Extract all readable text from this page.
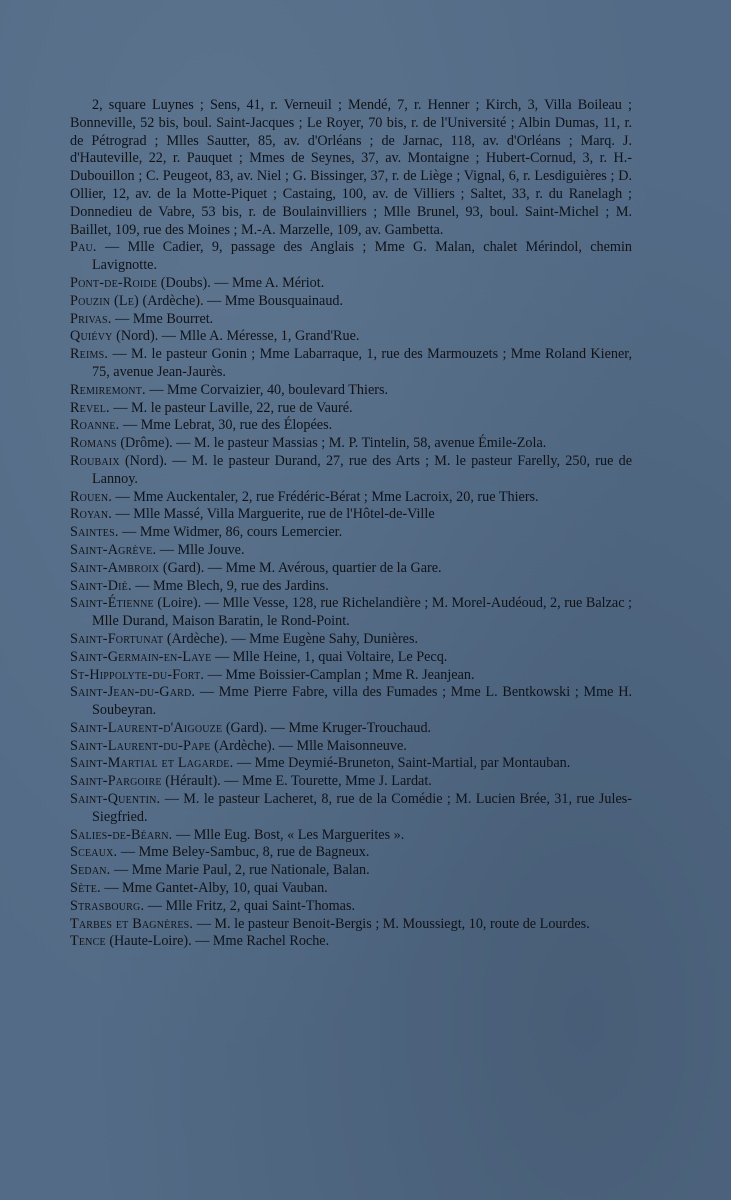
2, square Luynes ; Sens, 41, r. Verneuil ; Mendé, 7, r. Henner ; Kirch, 3, Villa Boileau ; Bonneville, 52 bis, boul. Saint-Jacques ; Le Royer, 70 bis, r. de l'Université ; Albin Dumas, 11, r. de Pétrograd ; Mlles Sautter, 85, av. d'Orléans ; de Jarnac, 118, av. d'Orléans ; Marq. J. d'Hauteville, 22, r. Pauquet ; Mmes de Seynes, 37, av. Montaigne ; Hubert-Cornud, 3, r. H.-Dubouillon ; C. Peugeot, 83, av. Niel ; G. Bissinger, 37, r. de Liège ; Vignal, 6, r. Lesdiguières ; D. Ollier, 12, av. de la Motte-Piquet ; Castaing, 100, av. de Villiers ; Saltet, 33, r. du Ranelagh ; Donnedieu de Vabre, 53 bis, r. de Boulainvilliers ; Mlle Brunel, 93, boul. Saint-Michel ; M. Baillet, 109, rue des Moines ; M.-A. Marzelle, 109, av. Gambetta.

Pau. — Mlle Cadier, 9, passage des Anglais ; Mme G. Malan, chalet Mérindol, chemin Lavignotte.

Pont-de-Roide (Doubs). — Mme A. Mériot.

Pouzin (Le) (Ardèche). — Mme Bousquainaud.

Privas. — Mme Bourret.

Quiévy (Nord). — Mlle A. Méresse, 1, Grand'Rue.

Reims. — M. le pasteur Gonin ; Mme Labarraque, 1, rue des Marmouzets ; Mme Roland Kiener, 75, avenue Jean-Jaurès.

Remiremont. — Mme Corvaizier, 40, boulevard Thiers.

Revel. — M. le pasteur Laville, 22, rue de Vauré.

Roanne. — Mme Lebrat, 30, rue des Élopées.

Romans (Drôme). — M. le pasteur Massias ; M. P. Tintelin, 58, avenue Émile-Zola.

Roubaix (Nord). — M. le pasteur Durand, 27, rue des Arts ; M. le pasteur Farelly, 250, rue de Lannoy.

Rouen. — Mme Auckentaler, 2, rue Frédéric-Bérat ; Mme Lacroix, 20, rue Thiers.

Royan. — Mlle Massé, Villa Marguerite, rue de l'Hôtel-de-Ville

Saintes. — Mme Widmer, 86, cours Lemercier.

Saint-Agrève. — Mlle Jouve.

Saint-Ambroix (Gard). — Mme M. Avérous, quartier de la Gare.

Saint-Dié. — Mme Blech, 9, rue des Jardins.

Saint-Étienne (Loire). — Mlle Vesse, 128, rue Richelandière ; M. Morel-Audéoud, 2, rue Balzac ; Mlle Durand, Maison Baratin, le Rond-Point.

Saint-Fortunat (Ardèche). — Mme Eugène Sahy, Dunières.

Saint-Germain-en-Laye — Mlle Heine, 1, quai Voltaire, Le Pecq.

St-Hippolyte-du-Fort. — Mme Boissier-Camplan ; Mme R. Jeanjean.

Saint-Jean-du-Gard. — Mme Pierre Fabre, villa des Fumades ; Mme L. Bentkowski ; Mme H. Soubeyran.

Saint-Laurent-d'Aigouze (Gard). — Mme Kruger-Trouchaud.

Saint-Laurent-du-Pape (Ardèche). — Mlle Maisonneuve.

Saint-Martial et Lagarde. — Mme Deymié-Bruneton, Saint-Martial, par Montauban.

Saint-Pargoire (Hérault). — Mme E. Tourette, Mme J. Lardat.

Saint-Quentin. — M. le pasteur Lacheret, 8, rue de la Comédie ; M. Lucien Brée, 31, rue Jules-Siegfried.

Salies-de-Béarn. — Mlle Eug. Bost, « Les Marguerites ».

Sceaux. — Mme Beley-Sambuc, 8, rue de Bagneux.

Sedan. — Mme Marie Paul, 2, rue Nationale, Balan.

Sète. — Mme Gantet-Alby, 10, quai Vauban.

Strasbourg. — Mlle Fritz, 2, quai Saint-Thomas.

Tarbes et Bagnères. — M. le pasteur Benoit-Bergis ; M. Moussiegt, 10, route de Lourdes.

Tence (Haute-Loire). — Mme Rachel Roche.
